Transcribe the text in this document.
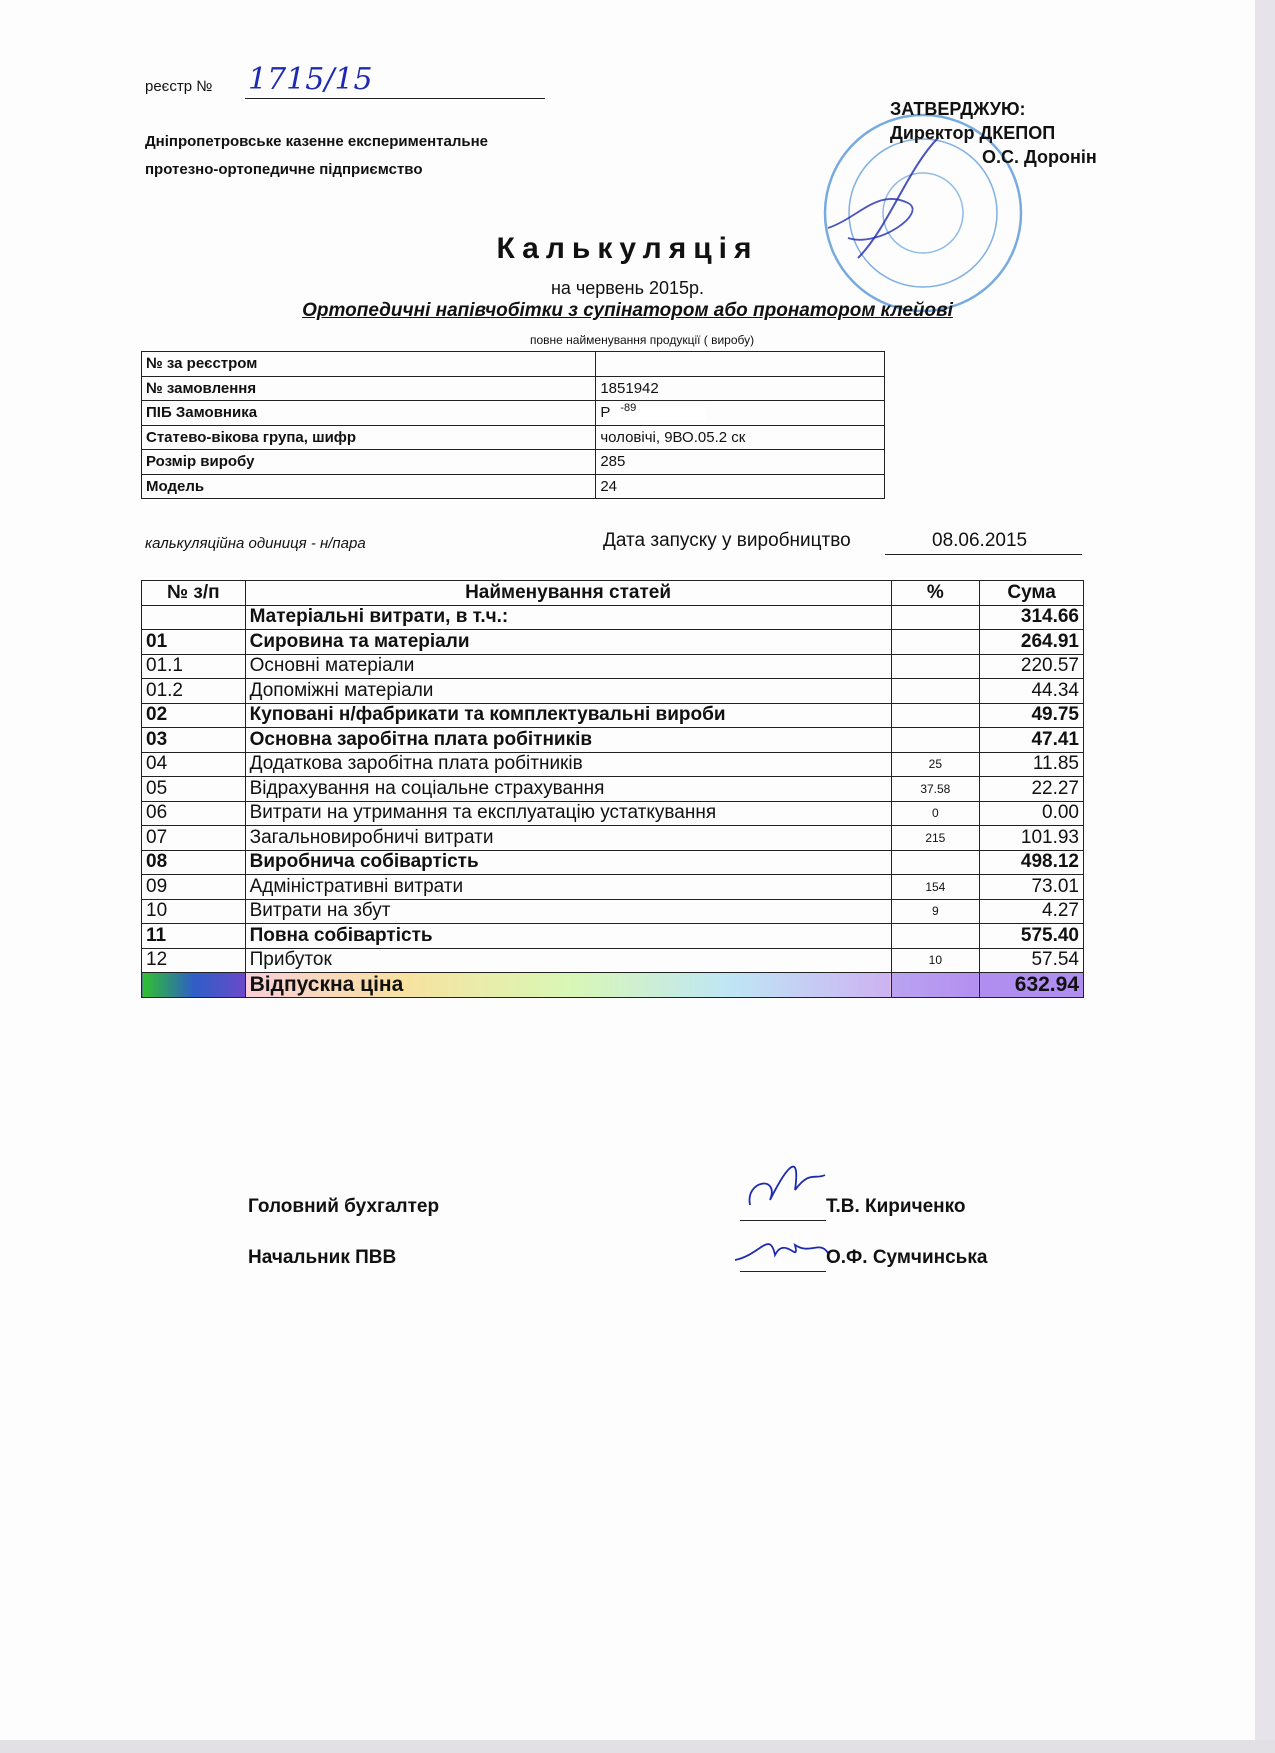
реєстр № 1715/15
Дніпропетровське казенне експериментальне
протезно-ортопедичне підприємство
ЗАТВЕРДЖУЮ:
Директор ДКЕПОП
О.С. Доронін
Калькуляція
на червень 2015р.
Ортопедичні напівчобітки з супінатором або пронатором клейові
повне найменування продукції ( виробу)
№ за реєстром	
№ замовлення	1851942
ПІБ Замовника	Р -89

Статево-вікова група, шифр	чоловічі, 9ВО.05.2 ск
Розмір виробу	285
Модель	24
калькуляційна одиниця - н/пара	Дата запуску у виробництво	08.06.2015
№ з/п	Найменування статей	%	Сума
	Матеріальні витрати, в т.ч.:		314.66
01	Сировина та матеріали		264.91
01.1	Основні матеріали		220.57
01.2	Допоміжні матеріали		44.34
02	Куповані н/фабрикати та комплектувальні вироби		49.75
03	Основна заробітна плата робітників		47.41
04	Додаткова заробітна плата робітників	25	11.85
05	Відрахування на соціальне страхування	37.58	22.27
06	Витрати на утримання та експлуатацію устаткування	0	0.00
07	Загальновиробничі витрати	215	101.93
08	Виробнича собівартість		498.12
09	Адміністративні витрати	154	73.01
10	Витрати на збут	9	4.27
11	Повна собівартість		575.40
12	Прибуток	10	57.54
	Відпускна ціна		632.94
Головний бухгалтер	Т.В. Кириченко
Начальник ПВВ	О.Ф. Сумчинська
